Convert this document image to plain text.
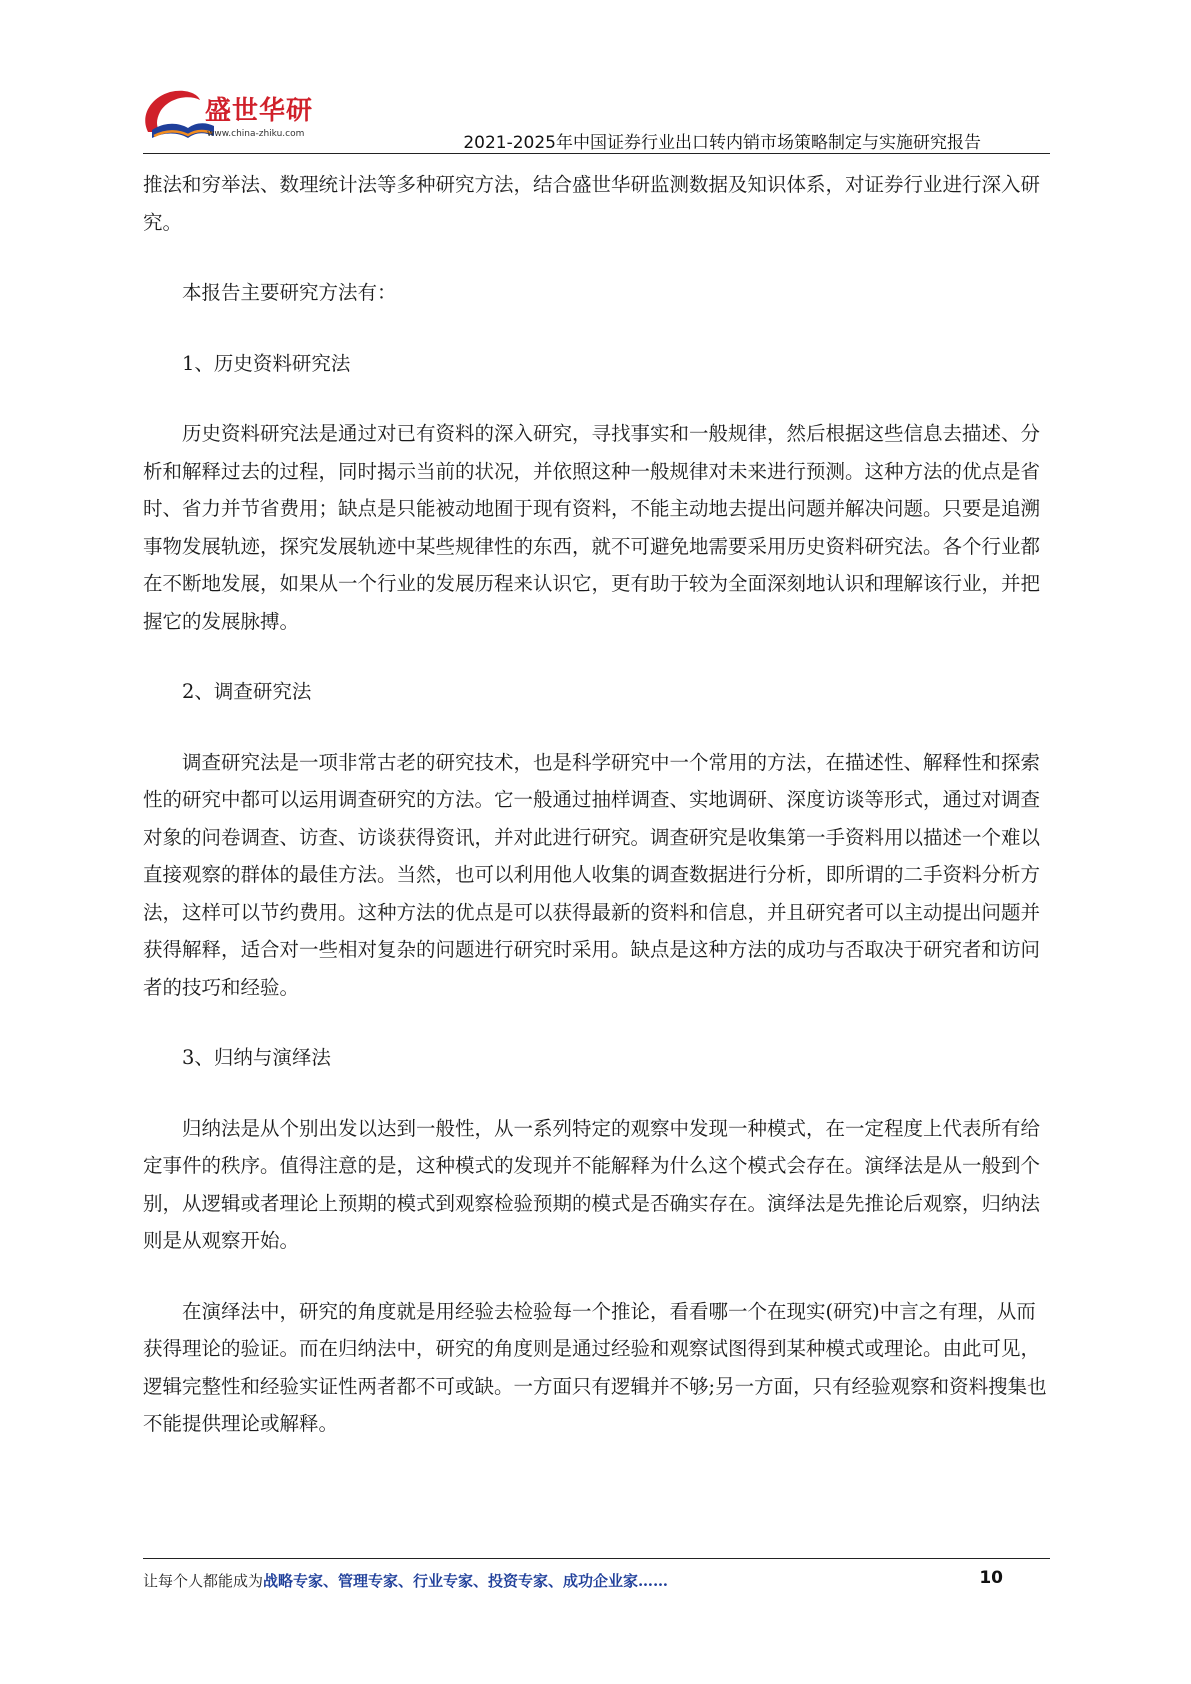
盛世华研
www.china-zhiku.com	2021-2025年中国证券行业出口转内销市场策略制定与实施研究报告

推法和穷举法、数理统计法等多种研究方法，结合盛世华研监测数据及知识体系，对证券行业进行深入研究。

本报告主要研究方法有：

1、历史资料研究法

历史资料研究法是通过对已有资料的深入研究，寻找事实和一般规律，然后根据这些信息去描述、分析和解释过去的过程，同时揭示当前的状况，并依照这种一般规律对未来进行预测。这种方法的优点是省时、省力并节省费用；缺点是只能被动地囿于现有资料，不能主动地去提出问题并解决问题。只要是追溯事物发展轨迹，探究发展轨迹中某些规律性的东西，就不可避免地需要采用历史资料研究法。各个行业都在不断地发展，如果从一个行业的发展历程来认识它，更有助于较为全面深刻地认识和理解该行业，并把握它的发展脉搏。

2、调查研究法

调查研究法是一项非常古老的研究技术，也是科学研究中一个常用的方法，在描述性、解释性和探索性的研究中都可以运用调查研究的方法。它一般通过抽样调查、实地调研、深度访谈等形式，通过对调查对象的问卷调查、访查、访谈获得资讯，并对此进行研究。调查研究是收集第一手资料用以描述一个难以直接观察的群体的最佳方法。当然，也可以利用他人收集的调查数据进行分析，即所谓的二手资料分析方法，这样可以节约费用。这种方法的优点是可以获得最新的资料和信息，并且研究者可以主动提出问题并获得解释，适合对一些相对复杂的问题进行研究时采用。缺点是这种方法的成功与否取决于研究者和访问者的技巧和经验。

3、归纳与演绎法

归纳法是从个别出发以达到一般性，从一系列特定的观察中发现一种模式，在一定程度上代表所有给定事件的秩序。值得注意的是，这种模式的发现并不能解释为什么这个模式会存在。演绎法是从一般到个别，从逻辑或者理论上预期的模式到观察检验预期的模式是否确实存在。演绎法是先推论后观察，归纳法则是从观察开始。

在演绎法中，研究的角度就是用经验去检验每一个推论，看看哪一个在现实(研究)中言之有理，从而获得理论的验证。而在归纳法中，研究的角度则是通过经验和观察试图得到某种模式或理论。由此可见，逻辑完整性和经验实证性两者都不可或缺。一方面只有逻辑并不够;另一方面，只有经验观察和资料搜集也不能提供理论或解释。

让每个人都能成为战略专家、管理专家、行业专家、投资专家、成功企业家……	10
